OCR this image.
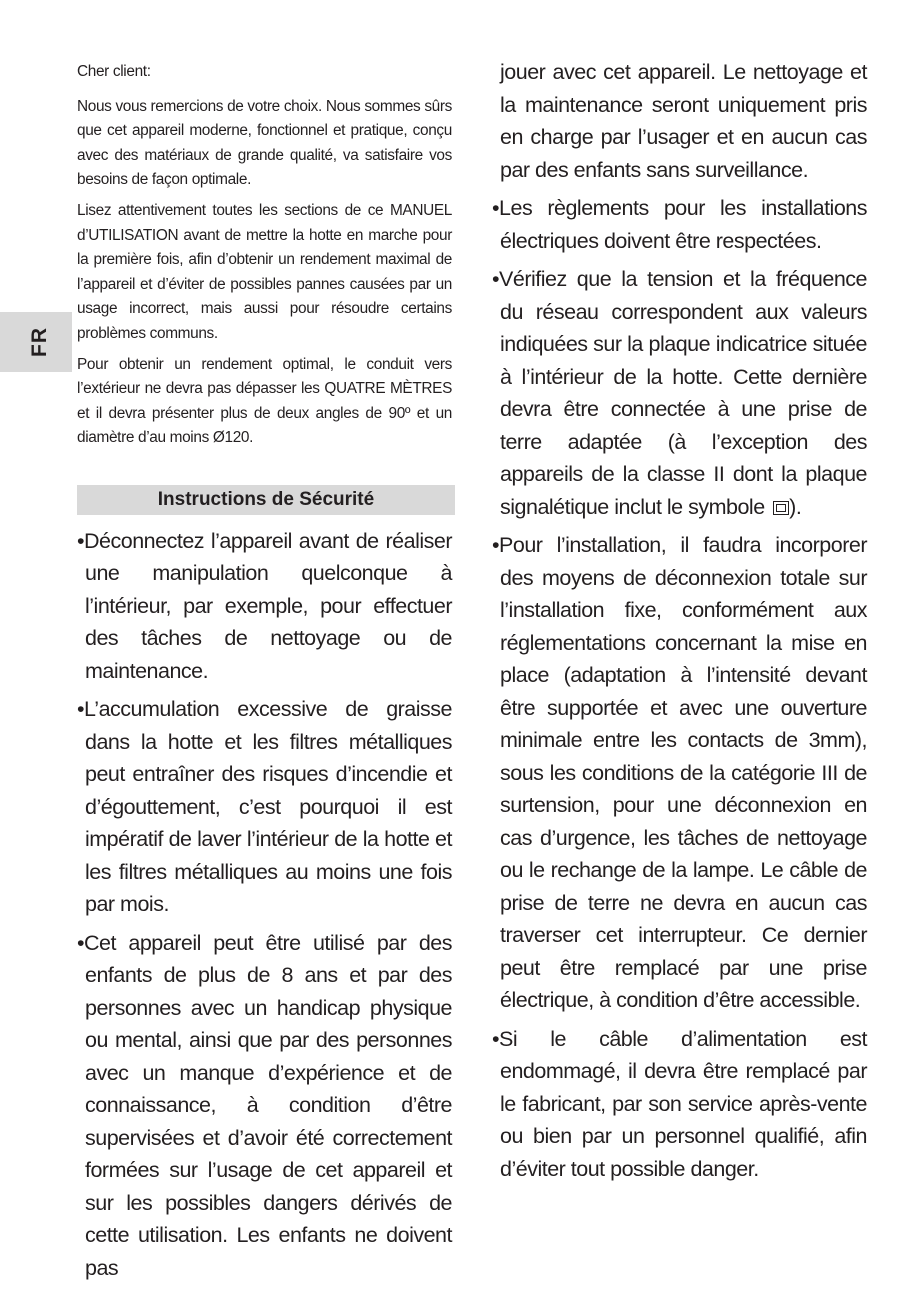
FR

Cher client:

Nous vous remercions de votre choix. Nous sommes sûrs que cet appareil moderne, fonctionnel et pratique, conçu avec des matériaux de grande qualité, va satisfaire vos besoins de façon optimale.

Lisez attentivement toutes les sections de ce MANUEL d’UTILISATION avant de mettre la hotte en marche pour la première fois, afin d’obtenir un rendement maximal de l’appareil et d’éviter de possibles pannes causées par un usage incorrect, mais aussi pour résoudre certains problèmes communs.

Pour obtenir un rendement optimal, le conduit vers l’extérieur ne devra pas dépasser les QUATRE MÈTRES et il devra présenter plus de deux angles de 90º et un diamètre d’au moins Ø120.

Instructions de Sécurité

•Déconnectez l’appareil avant de réaliser une manipulation quelconque à l’intérieur, par exemple, pour effectuer des tâches de nettoyage ou de maintenance.

•L’accumulation excessive de graisse dans la hotte et les filtres métalliques peut entraîner des risques d’incendie et d’égouttement, c’est pourquoi il est impératif de laver l’intérieur de la hotte et les filtres métalliques au moins une fois par mois.

•Cet appareil peut être utilisé par des enfants de plus de 8 ans et par des personnes avec un handicap physique ou mental, ainsi que par des personnes avec un manque d’expérience et de connaissance, à condition d’être supervisées et d’avoir été correctement formées sur l’usage de cet appareil et sur les possibles dangers dérivés de cette utilisation. Les enfants ne doivent pas

jouer avec cet appareil. Le nettoyage et la maintenance seront uniquement pris en charge par l’usager et en aucun cas par des enfants sans surveillance.

•Les règlements pour les installations électriques doivent être respectées.

•Vérifiez que la tension et la fréquence du réseau correspondent aux valeurs indiquées sur la plaque indicatrice située à l’intérieur de la hotte. Cette dernière devra être connectée à une prise de terre adaptée (à l’exception des appareils de la classe II dont la plaque signalétique inclut le symbole ).

•Pour l’installation, il faudra incorporer des moyens de déconnexion totale sur l’installation fixe, conformément aux réglementations concernant la mise en place (adaptation à l’intensité devant être supportée et avec une ouverture minimale entre les contacts de 3mm), sous les conditions de la catégorie III de surtension, pour une déconnexion en cas d’urgence, les tâches de nettoyage ou le rechange de la lampe. Le câble de prise de terre ne devra en aucun cas traverser cet interrupteur. Ce dernier peut être remplacé par une prise électrique, à condition d’être accessible.

•Si le câble d’alimentation est endommagé, il devra être remplacé par le fabricant, par son service après-vente ou bien par un personnel qualifié, afin d’éviter tout possible danger.
